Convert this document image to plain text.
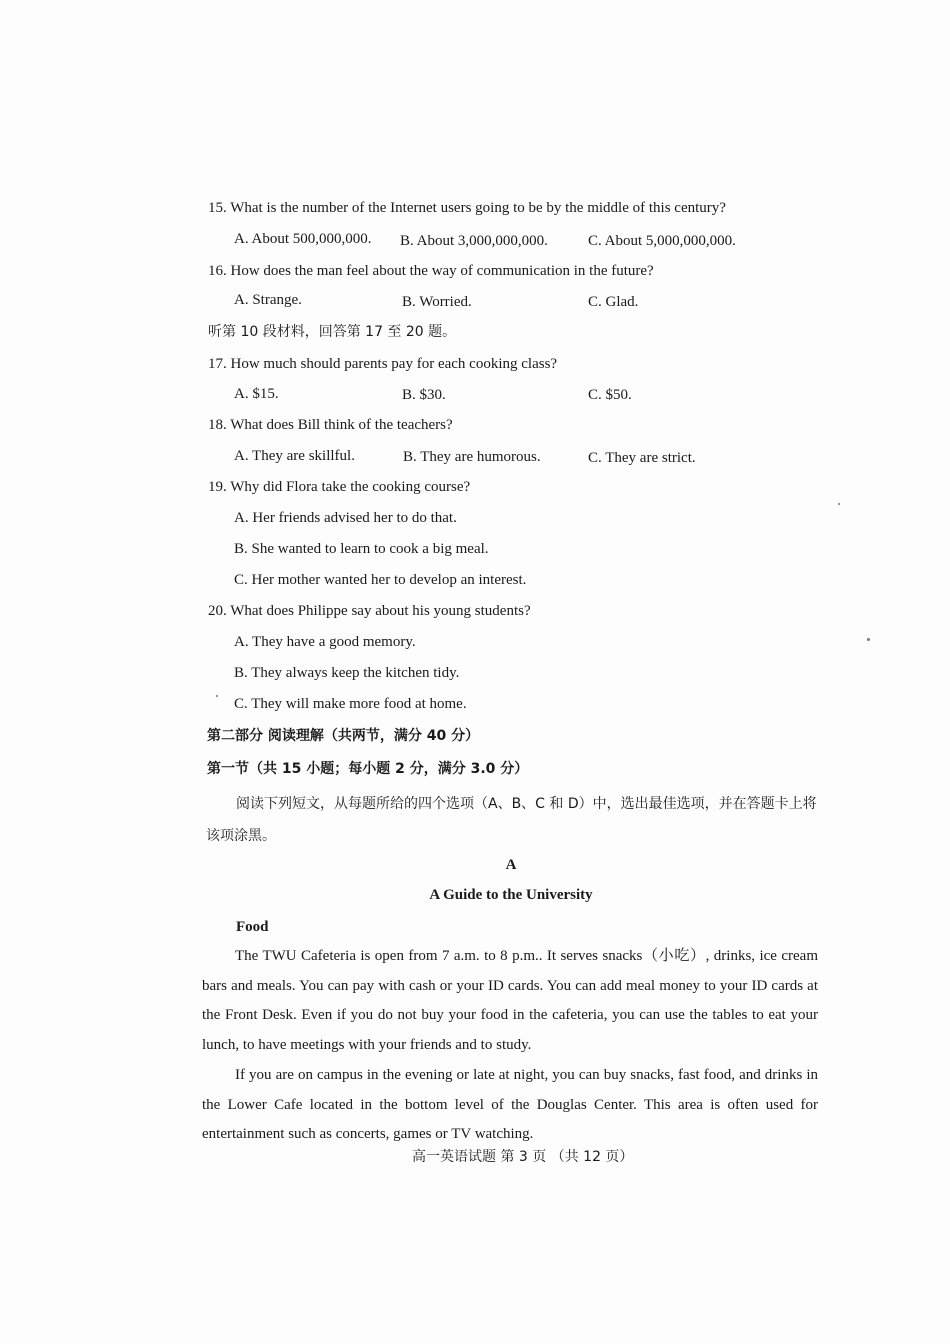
15. What is the number of the Internet users going to be by the middle of this century?
A. About 500,000,000. B. About 3,000,000,000.	C. About 5,000,000,000.
16. How does the man feel about the way of communication in the future?
A. Strange.	B. Worried.	C. Glad.
听第 10 段材料，回答第 17 至 20 题。
17. How much should parents pay for each cooking class?
A. $15.	B. $30.	C. $50.
18. What does Bill think of the teachers?
A. They are skillful.	B. They are humorous.	C. They are strict.
19. Why did Flora take the cooking course?
A. Her friends advised her to do that.
B. She wanted to learn to cook a big meal.
C. Her mother wanted her to develop an interest.
20. What does Philippe say about his young students?
A. They have a good memory.
B. They always keep the kitchen tidy.
C. They will make more food at home.
第二部分 阅读理解（共两节，满分 40 分）
第一节（共 15 小题；每小题 2 分，满分 3.0 分）
阅读下列短文，从每题所给的四个选项（A、B、C 和 D）中，选出最佳选项，并在答题卡上将该项涂黑。
A
A Guide to the University
Food
The TWU Cafeteria is open from 7 a.m. to 8 p.m.. It serves snacks（小吃）, drinks, ice cream bars and meals. You can pay with cash or your ID cards. You can add meal money to your ID cards at the Front Desk. Even if you do not buy your food in the cafeteria, you can use the tables to eat your lunch, to have meetings with your friends and to study.
If you are on campus in the evening or late at night, you can buy snacks, fast food, and drinks in the Lower Cafe located in the bottom level of the Douglas Center. This area is often used for entertainment such as concerts, games or TV watching.
高一英语试题 第 3 页 （共 12 页）
